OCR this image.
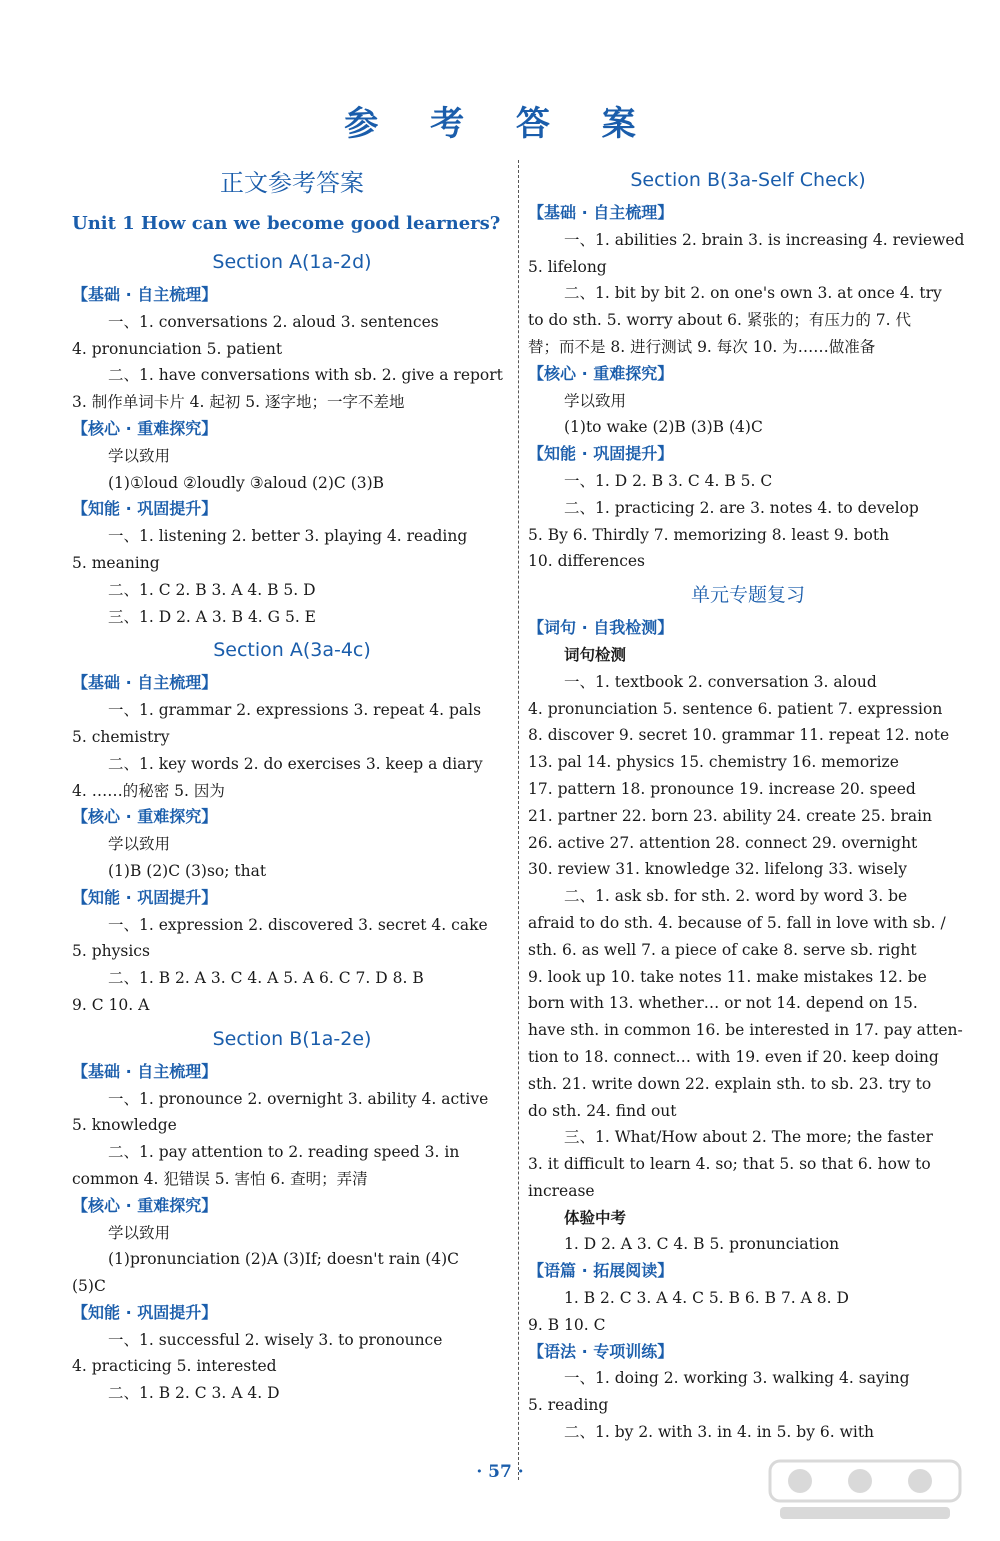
参 考 答 案
正文参考答案
Unit 1 How can we become good learners?
Section A(1a-2d)
【基础 · 自主梳理】
一、1. conversations 2. aloud 3. sentences
4. pronunciation 5. patient
二、1. have conversations with sb. 2. give a report
3. 制作单词卡片 4. 起初 5. 逐字地；一字不差地
【核心 · 重难探究】
学以致用
(1)①loud ②loudly ③aloud (2)C (3)B
【知能 · 巩固提升】
一、1. listening 2. better 3. playing 4. reading
5. meaning
二、1. C 2. B 3. A 4. B 5. D
三、1. D 2. A 3. B 4. G 5. E
Section A(3a-4c)
【基础 · 自主梳理】
一、1. grammar 2. expressions 3. repeat 4. pals
5. chemistry
二、1. key words 2. do exercises 3. keep a diary
4. ……的秘密 5. 因为
【核心 · 重难探究】
学以致用
(1)B (2)C (3)so; that
【知能 · 巩固提升】
一、1. expression 2. discovered 3. secret 4. cake
5. physics
二、1. B 2. A 3. C 4. A 5. A 6. C 7. D 8. B
9. C 10. A
Section B(1a-2e)
【基础 · 自主梳理】
一、1. pronounce 2. overnight 3. ability 4. active
5. knowledge
二、1. pay attention to 2. reading speed 3. in
common 4. 犯错误 5. 害怕 6. 查明；弄清
【核心 · 重难探究】
学以致用
(1)pronunciation (2)A (3)If; doesn't rain (4)C
(5)C
【知能 · 巩固提升】
一、1. successful 2. wisely 3. to pronounce
4. practicing 5. interested
二、1. B 2. C 3. A 4. D
Section B(3a-Self Check)
【基础 · 自主梳理】
一、1. abilities 2. brain 3. is increasing 4. reviewed
5. lifelong
二、1. bit by bit 2. on one's own 3. at once 4. try
to do sth. 5. worry about 6. 紧张的；有压力的 7. 代
替；而不是 8. 进行测试 9. 每次 10. 为……做准备
【核心 · 重难探究】
学以致用
(1)to wake (2)B (3)B (4)C
【知能 · 巩固提升】
一、1. D 2. B 3. C 4. B 5. C
二、1. practicing 2. are 3. notes 4. to develop
5. By 6. Thirdly 7. memorizing 8. least 9. both
10. differences
单元专题复习
【词句 · 自我检测】
词句检测
一、1. textbook 2. conversation 3. aloud
4. pronunciation 5. sentence 6. patient 7. expression
8. discover 9. secret 10. grammar 11. repeat 12. note
13. pal 14. physics 15. chemistry 16. memorize
17. pattern 18. pronounce 19. increase 20. speed
21. partner 22. born 23. ability 24. create 25. brain
26. active 27. attention 28. connect 29. overnight
30. review 31. knowledge 32. lifelong 33. wisely
二、1. ask sb. for sth. 2. word by word 3. be
afraid to do sth. 4. because of 5. fall in love with sb. /
sth. 6. as well 7. a piece of cake 8. serve sb. right
9. look up 10. take notes 11. make mistakes 12. be
born with 13. whether… or not 14. depend on 15.
have sth. in common 16. be interested in 17. pay atten-
tion to 18. connect… with 19. even if 20. keep doing
sth. 21. write down 22. explain sth. to sb. 23. try to
do sth. 24. find out
三、1. What/How about 2. The more; the faster
3. it difficult to learn 4. so; that 5. so that 6. how to
increase
体验中考
1. D 2. A 3. C 4. B 5. pronunciation
【语篇 · 拓展阅读】
1. B 2. C 3. A 4. C 5. B 6. B 7. A 8. D
9. B 10. C
【语法 · 专项训练】
一、1. doing 2. working 3. walking 4. saying
5. reading
二、1. by 2. with 3. in 4. in 5. by 6. with
· 57 ·
